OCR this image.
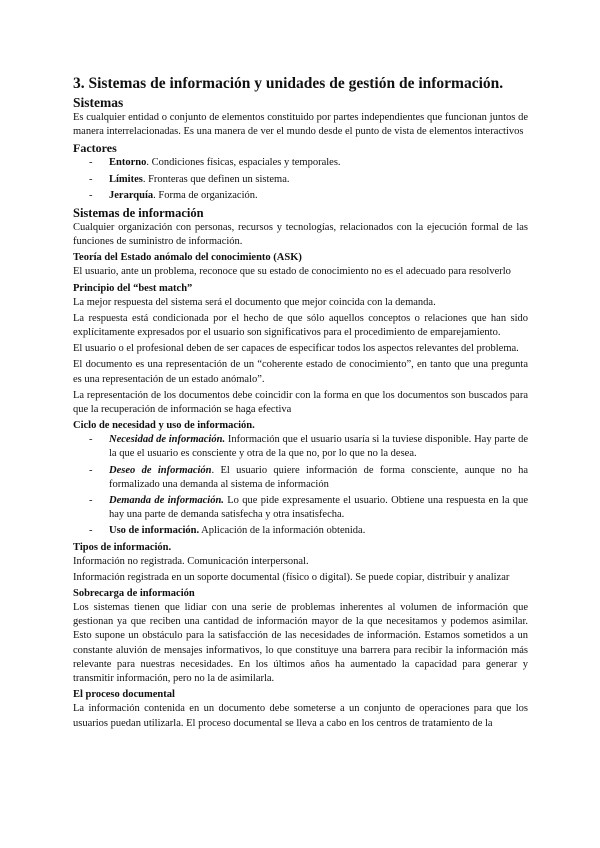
3. Sistemas de información y unidades de gestión de información.
Sistemas

Es cualquier entidad o conjunto de elementos constituido por partes independientes que funcionan juntos de manera interrelacionadas. Es una manera de ver el mundo desde el punto de vista de elementos interactivos

Factores
- Entorno. Condiciones físicas, espaciales y temporales.
- Límites. Fronteras que definen un sistema.
- Jerarquía. Forma de organización.
Sistemas de información

Cualquier organización con personas, recursos y tecnologías, relacionados con la ejecución formal de las funciones de suministro de información.

Teoría del Estado anómalo del conocimiento (ASK)

El usuario, ante un problema, reconoce que su estado de conocimiento no es el adecuado para resolverlo

Principio del “best match”

La mejor respuesta del sistema será el documento que mejor coincida con la demanda.

La respuesta está condicionada por el hecho de que sólo aquellos conceptos o relaciones que han sido explícitamente expresados por el usuario son significativos para el procedimiento de emparejamiento.

El usuario o el profesional deben de ser capaces de especificar todos los aspectos relevantes del problema.

El documento es una representación de un “coherente estado de conocimiento”, en tanto que una pregunta es una representación de un estado anómalo”.

La representación de los documentos debe coincidir con la forma en que los documentos son buscados para que la recuperación de información se haga efectiva

Ciclo de necesidad y uso de información.
- Necesidad de información. Información que el usuario usaría si la tuviese disponible. Hay parte de la que el usuario es consciente y otra de la que no, por lo que no la desea.
- Deseo de información. El usuario quiere información de forma consciente, aunque no ha formalizado una demanda al sistema de información
- Demanda de información. Lo que pide expresamente el usuario. Obtiene una respuesta en la que hay una parte de demanda satisfecha y otra insatisfecha.
- Uso de información. Aplicación de la información obtenida.
Tipos de información.

Información no registrada. Comunicación interpersonal.

Información registrada en un soporte documental (físico o digital). Se puede copiar, distribuir y analizar

Sobrecarga de información

Los sistemas tienen que lidiar con una serie de problemas inherentes al volumen de información que gestionan ya que reciben una cantidad de información mayor de la que necesitamos y podemos asimilar. Esto supone un obstáculo para la satisfacción de las necesidades de información. Estamos sometidos a un constante aluvión de mensajes informativos, lo que constituye una barrera para recibir la información más relevante para nuestras necesidades. En los últimos años ha aumentado la capacidad para generar y transmitir información, pero no la de asimilarla.

El proceso documental

La información contenida en un documento debe someterse a un conjunto de operaciones para que los usuarios puedan utilizarla. El proceso documental se lleva a cabo en los centros de tratamiento de la
